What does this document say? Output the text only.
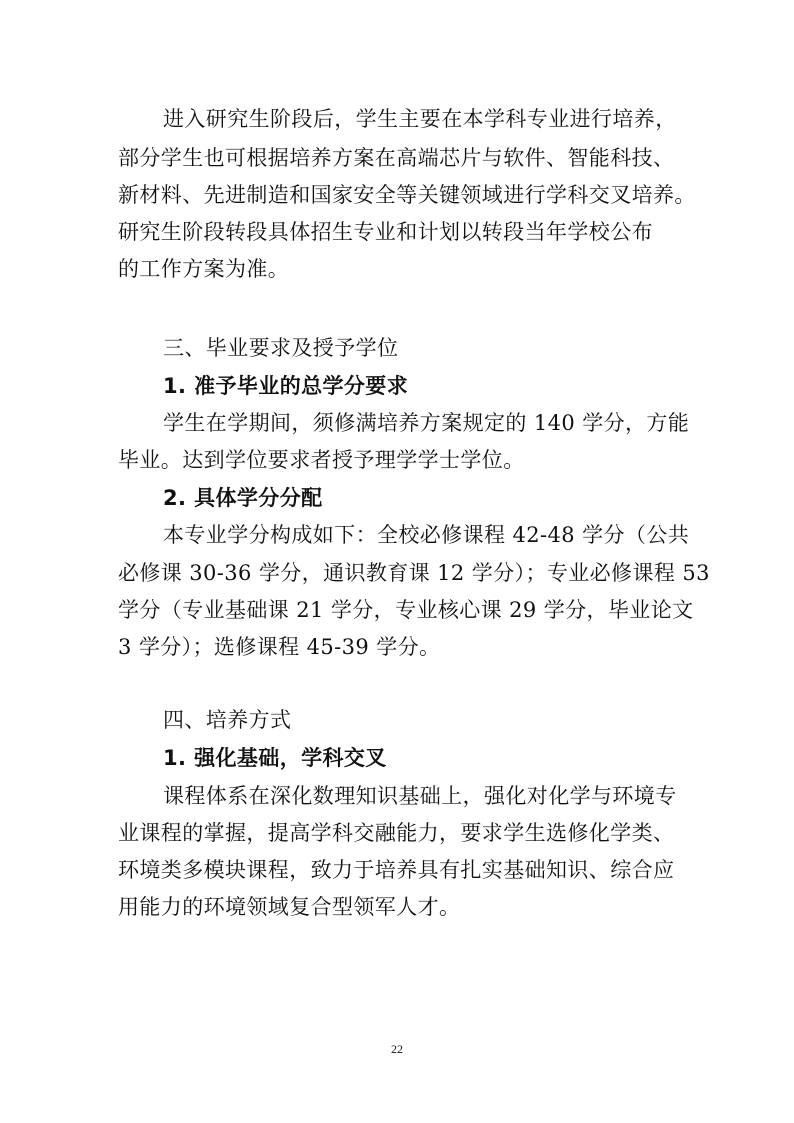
进入研究生阶段后，学生主要在本学科专业进行培养，
部分学生也可根据培养方案在高端芯片与软件、智能科技、
新材料、先进制造和国家安全等关键领域进行学科交叉培养。
研究生阶段转段具体招生专业和计划以转段当年学校公布
的工作方案为准。
三、毕业要求及授予学位
1. 准予毕业的总学分要求
学生在学期间，须修满培养方案规定的 140 学分，方能
毕业。达到学位要求者授予理学学士学位。
2. 具体学分分配
本专业学分构成如下：全校必修课程 42-48 学分（公共
必修课 30-36 学分，通识教育课 12 学分）；专业必修课程 53
学分（专业基础课 21 学分，专业核心课 29 学分，毕业论文
3 学分）；选修课程 45-39 学分。
四、培养方式
1. 强化基础，学科交叉
课程体系在深化数理知识基础上，强化对化学与环境专
业课程的掌握，提高学科交融能力，要求学生选修化学类、
环境类多模块课程，致力于培养具有扎实基础知识、综合应
用能力的环境领域复合型领军人才。
22
